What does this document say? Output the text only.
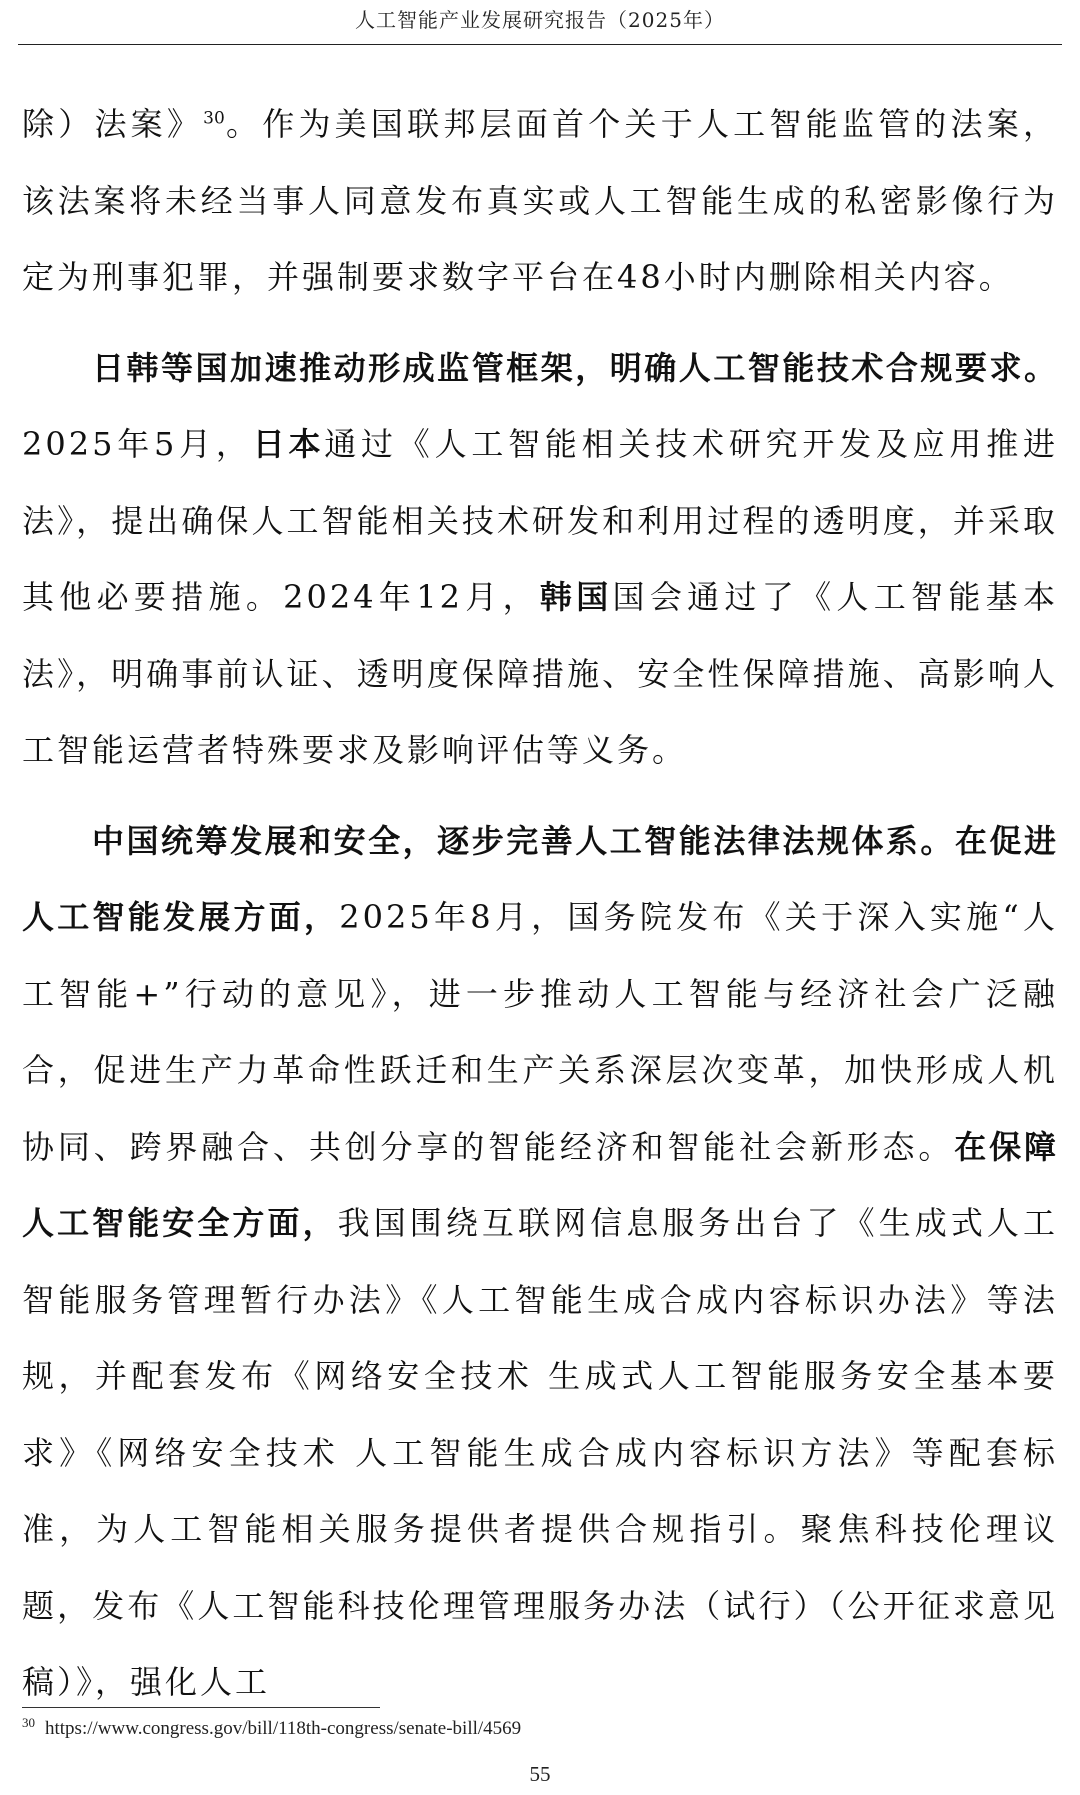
人工智能产业发展研究报告（2025年）

除）法案》$^{30}$。作为美国联邦层面首个关于人工智能监管的法案，该法案将未经当事人同意发布真实或人工智能生成的私密影像行为定为刑事犯罪，并强制要求数字平台在48小时内删除相关内容。

日韩等国加速推动形成监管框架，明确人工智能技术合规要求。2025年5月，日本通过《人工智能相关技术研究开发及应用推进法》，提出确保人工智能相关技术研发和利用过程的透明度，并采取其他必要措施。2024年12月，韩国国会通过了《人工智能基本法》，明确事前认证、透明度保障措施、安全性保障措施、高影响人工智能运营者特殊要求及影响评估等义务。

中国统筹发展和安全，逐步完善人工智能法律法规体系。在促进人工智能发展方面，2025年8月，国务院发布《关于深入实施“人工智能+”行动的意见》，进一步推动人工智能与经济社会广泛融合，促进生产力革命性跃迁和生产关系深层次变革，加快形成人机协同、跨界融合、共创分享的智能经济和智能社会新形态。在保障人工智能安全方面，我国围绕互联网信息服务出台了《生成式人工智能服务管理暂行办法》《人工智能生成合成内容标识办法》等法规，并配套发布《网络安全技术 生成式人工智能服务安全基本要求》《网络安全技术 人工智能生成合成内容标识方法》等配套标准，为人工智能相关服务提供者提供合规指引。聚焦科技伦理议题，发布《人工智能科技伦理管理服务办法（试行）（公开征求意见稿）》，强化人工

$^{30}$ https://www.congress.gov/bill/118th-congress/senate-bill/4569
55
